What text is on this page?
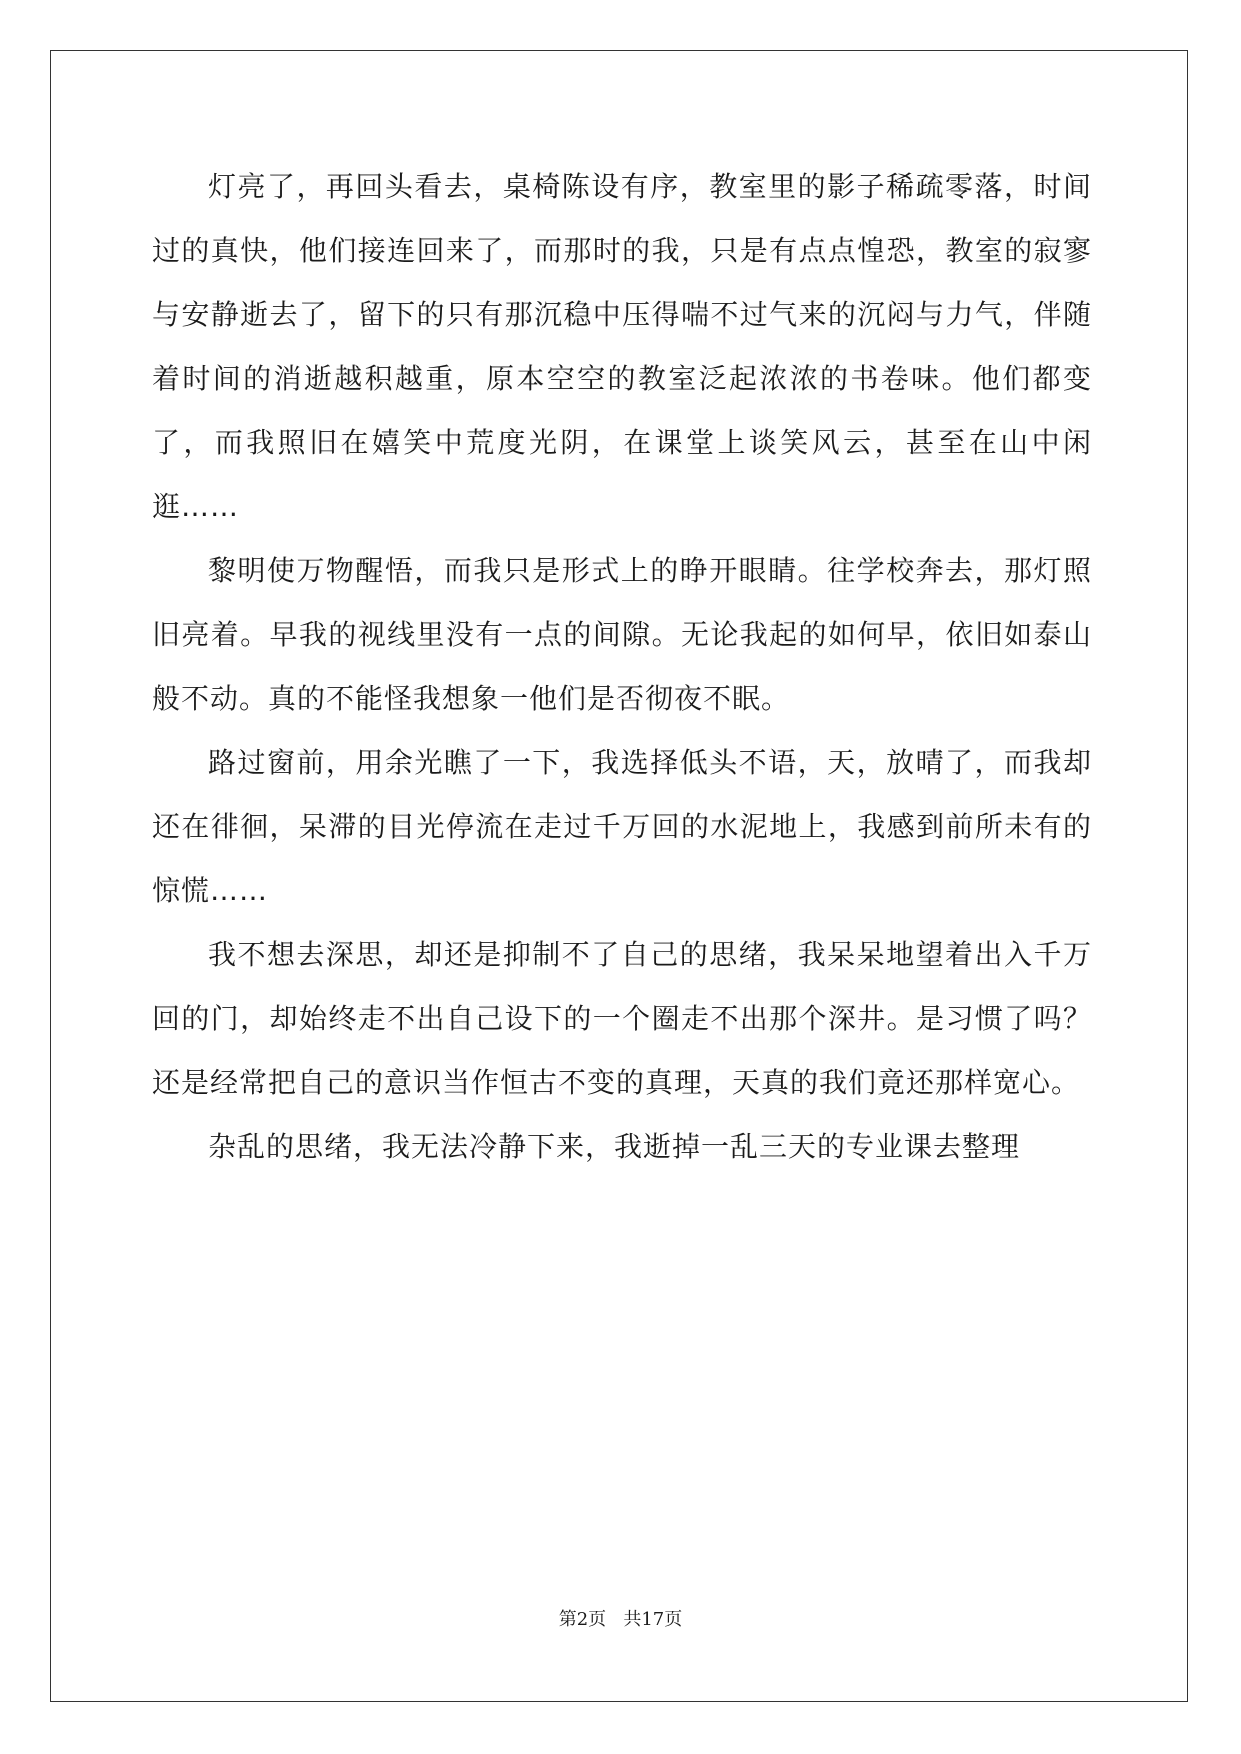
灯亮了，再回头看去，桌椅陈设有序，教室里的影子稀疏零落，时间过的真快，他们接连回来了，而那时的我，只是有点点惶恐，教室的寂寥与安静逝去了，留下的只有那沉稳中压得喘不过气来的沉闷与力气，伴随着时间的消逝越积越重，原本空空的教室泛起浓浓的书卷味。他们都变了，而我照旧在嬉笑中荒度光阴，在课堂上谈笑风云，甚至在山中闲逛……

黎明使万物醒悟，而我只是形式上的睁开眼睛。往学校奔去，那灯照旧亮着。早我的视线里没有一点的间隙。无论我起的如何早，依旧如泰山般不动。真的不能怪我想象一他们是否彻夜不眠。

路过窗前，用余光瞧了一下，我选择低头不语，天，放晴了，而我却还在徘徊，呆滞的目光停流在走过千万回的水泥地上，我感到前所未有的惊慌……

我不想去深思，却还是抑制不了自己的思绪，我呆呆地望着出入千万回的门，却始终走不出自己设下的一个圈走不出那个深井。是习惯了吗？还是经常把自己的意识当作恒古不变的真理，天真的我们竟还那样宽心。

杂乱的思绪，我无法冷静下来，我逝掉一乱三天的专业课去整理

第2页   共17页
